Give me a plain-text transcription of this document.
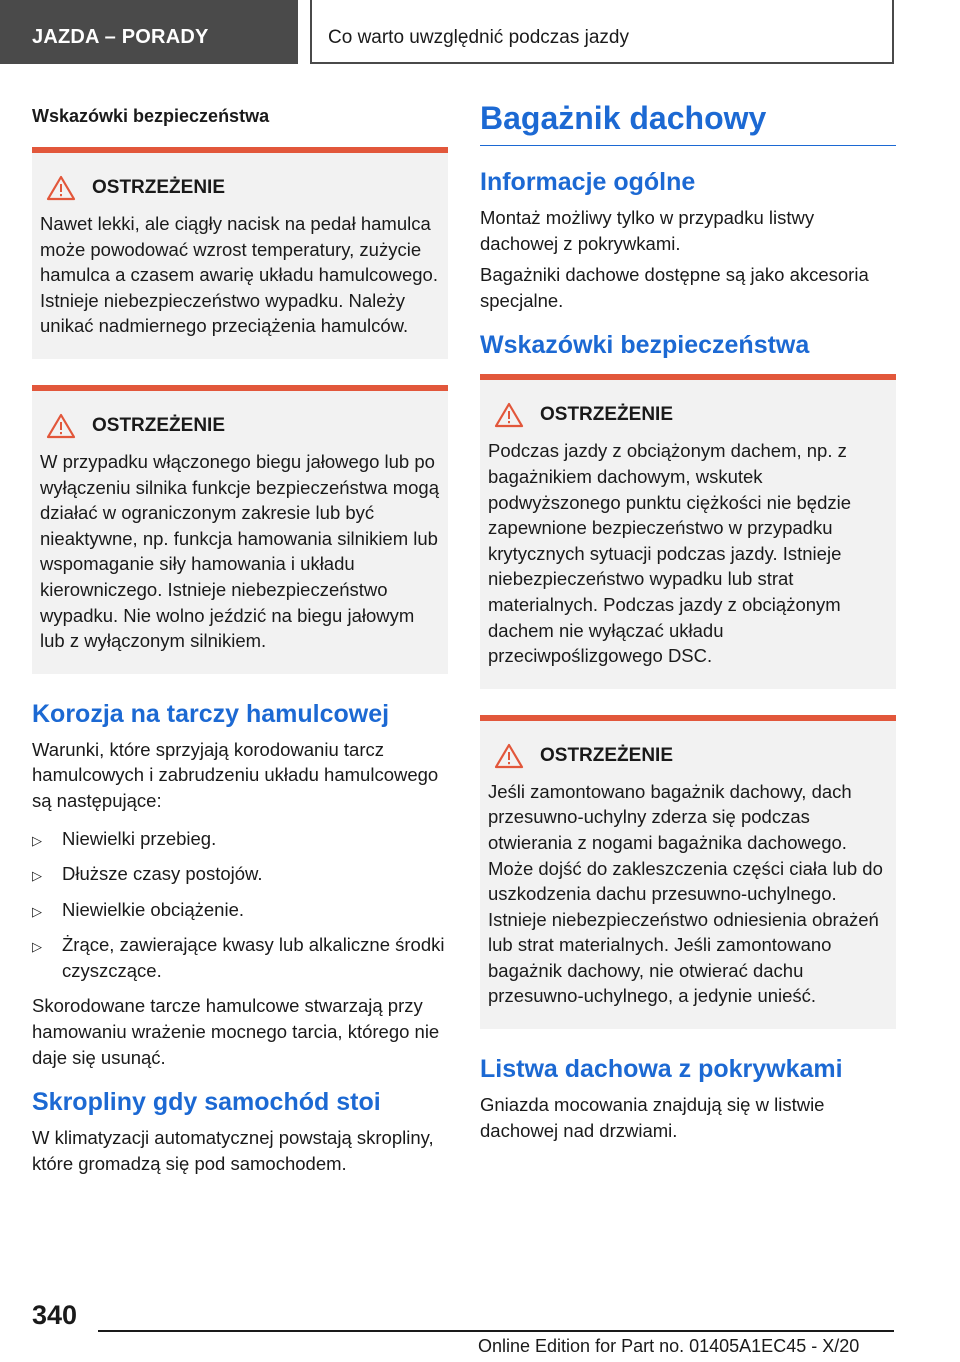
JAZDA – PORADY	Co warto uwzględnić podczas jazdy
Wskazówki bezpieczeństwa
OSTRZEŻENIE

Nawet lekki, ale ciągły nacisk na pedał hamulca może powodować wzrost temperatury, zużycie hamulca a czasem awarię układu hamulcowego. Istnieje niebezpieczeństwo wypadku. Należy unikać nadmiernego przeciążenia hamulców.

OSTRZEŻENIE

W przypadku włączonego biegu jałowego lub po wyłączeniu silnika funkcje bezpieczeństwa mogą działać w ograniczonym zakresie lub być nieaktywne, np. funkcja hamowania silnikiem lub wspomaganie siły hamowania i układu kierowniczego. Istnieje niebezpieczeństwo wypadku. Nie wolno jeździć na biegu jałowym lub z wyłączonym silnikiem.

Korozja na tarczy hamulcowej

Warunki, które sprzyjają korodowaniu tarcz hamulcowych i zabrudzeniu układu hamulcowego są następujące:

▷	Niewielki przebieg.
▷	Dłuższe czasy postojów.
▷	Niewielkie obciążenie.
▷	Żrące, zawierające kwasy lub alkaliczne środki czyszczące.

Skorodowane tarcze hamulcowe stwarzają przy hamowaniu wrażenie mocnego tarcia, którego nie daje się usunąć.

Skropliny gdy samochód stoi

W klimatyzacji automatycznej powstają skropliny, które gromadzą się pod samochodem.

Bagażnik dachowy
Informacje ogólne

Montaż możliwy tylko w przypadku listwy dachowej z pokrywkami.

Bagażniki dachowe dostępne są jako akcesoria specjalne.

Wskazówki bezpieczeństwa
OSTRZEŻENIE

Podczas jazdy z obciążonym dachem, np. z bagażnikiem dachowym, wskutek podwyższonego punktu ciężkości nie będzie zapewnione bezpieczeństwo w przypadku krytycznych sytuacji podczas jazdy. Istnieje niebezpieczeństwo wypadku lub strat materialnych. Podczas jazdy z obciążonym dachem nie wyłączać układu przeciwpoślizgowego DSC.

OSTRZEŻENIE

Jeśli zamontowano bagażnik dachowy, dach przesuwno-uchylny zderza się podczas otwierania z nogami bagażnika dachowego. Może dojść do zakleszczenia części ciała lub do uszkodzenia dachu przesuwno-uchylnego. Istnieje niebezpieczeństwo odniesienia obrażeń lub strat materialnych. Jeśli zamontowano bagażnik dachowy, nie otwierać dachu przesuwno-uchylnego, a jedynie unieść.

Listwa dachowa z pokrywkami

Gniazda mocowania znajdują się w listwie dachowej nad drzwiami.

340
Online Edition for Part no. 01405A1EC45 - X/20
